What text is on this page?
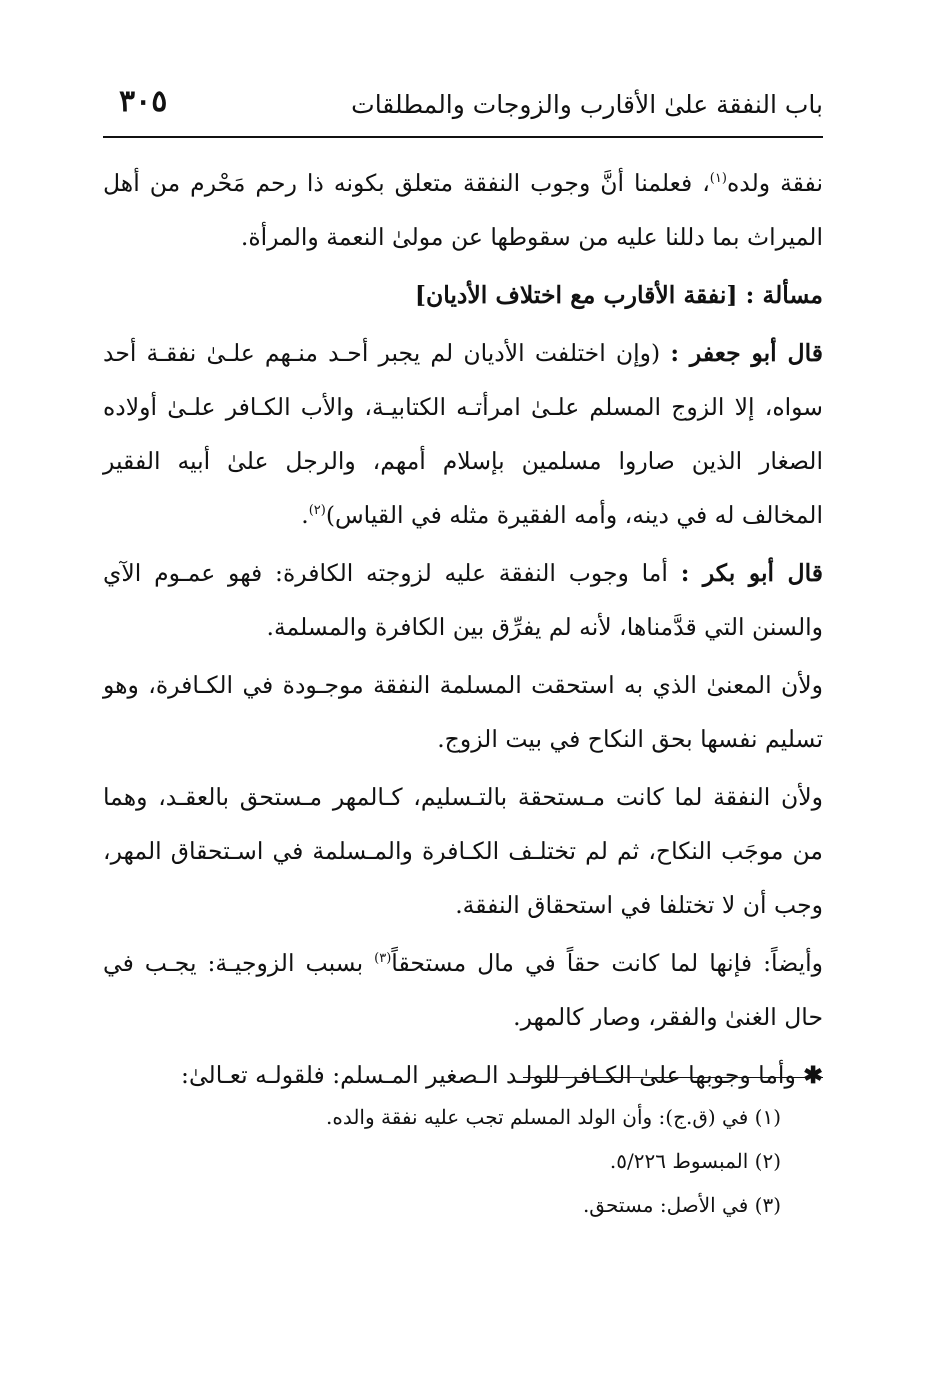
باب النفقة علىٰ الأقارب والزوجات والمطلقات
٣٠٥

نفقة ولده$^{(١)}$، فعلمنا أنَّ وجوب النفقة متعلق بكونه ذا رحم مَحْرم من أهل الميراث بما دللنا عليه من سقوطها عن مولىٰ النعمة والمرأة.

مسألة : [نفقة الأقارب مع اختلاف الأديان]

قال أبو جعفر : (وإن اختلفت الأديان لم يجبر أحـد منـهم علـىٰ نفقـة أحد سواه، إلا الزوج المسلم علـىٰ امرأتـه الكتابيـة، والأب الكـافر علـىٰ أولاده الصغار الذين صاروا مسلمين بإسلام أمهم، والرجل علىٰ أبيه الفقير المخالف له في دينه، وأمه الفقيرة مثله في القياس)$^{(٢)}$.

قال أبو بكر : أما وجوب النفقة عليه لزوجته الكافرة: فهو عمـوم الآي والسنن التي قدَّمناها، لأنه لم يفرِّق بين الكافرة والمسلمة.

ولأن المعنىٰ الذي به استحقت المسلمة النفقة موجـودة في الكـافرة، وهو تسليم نفسها بحق النكاح في بيت الزوج.

ولأن النفقة لما كانت مـستحقة بالتـسليم، كـالمهر مـستحق بالعقـد، وهما من موجَب النكاح، ثم لم تختلـف الكـافرة والمـسلمة في اسـتحقاق المهر، وجب أن لا تختلفا في استحقاق النفقة.

وأيضاً: فإنها لما كانت حقاً في مال مستحقاً$^{(٣)}$ بسبب الزوجيـة: يجـب في حال الغنىٰ والفقر، وصار كالمهر.

✱ وأما وجوبها علىٰ الكـافر للولـد الـصغير المـسلم: فلقولـه تعـالىٰ:

(١) في (ق.ج): وأن الولد المسلم تجب عليه نفقة والده.

(٢) المبسوط ٥/٢٢٦.

(٣) في الأصل: مستحق.
